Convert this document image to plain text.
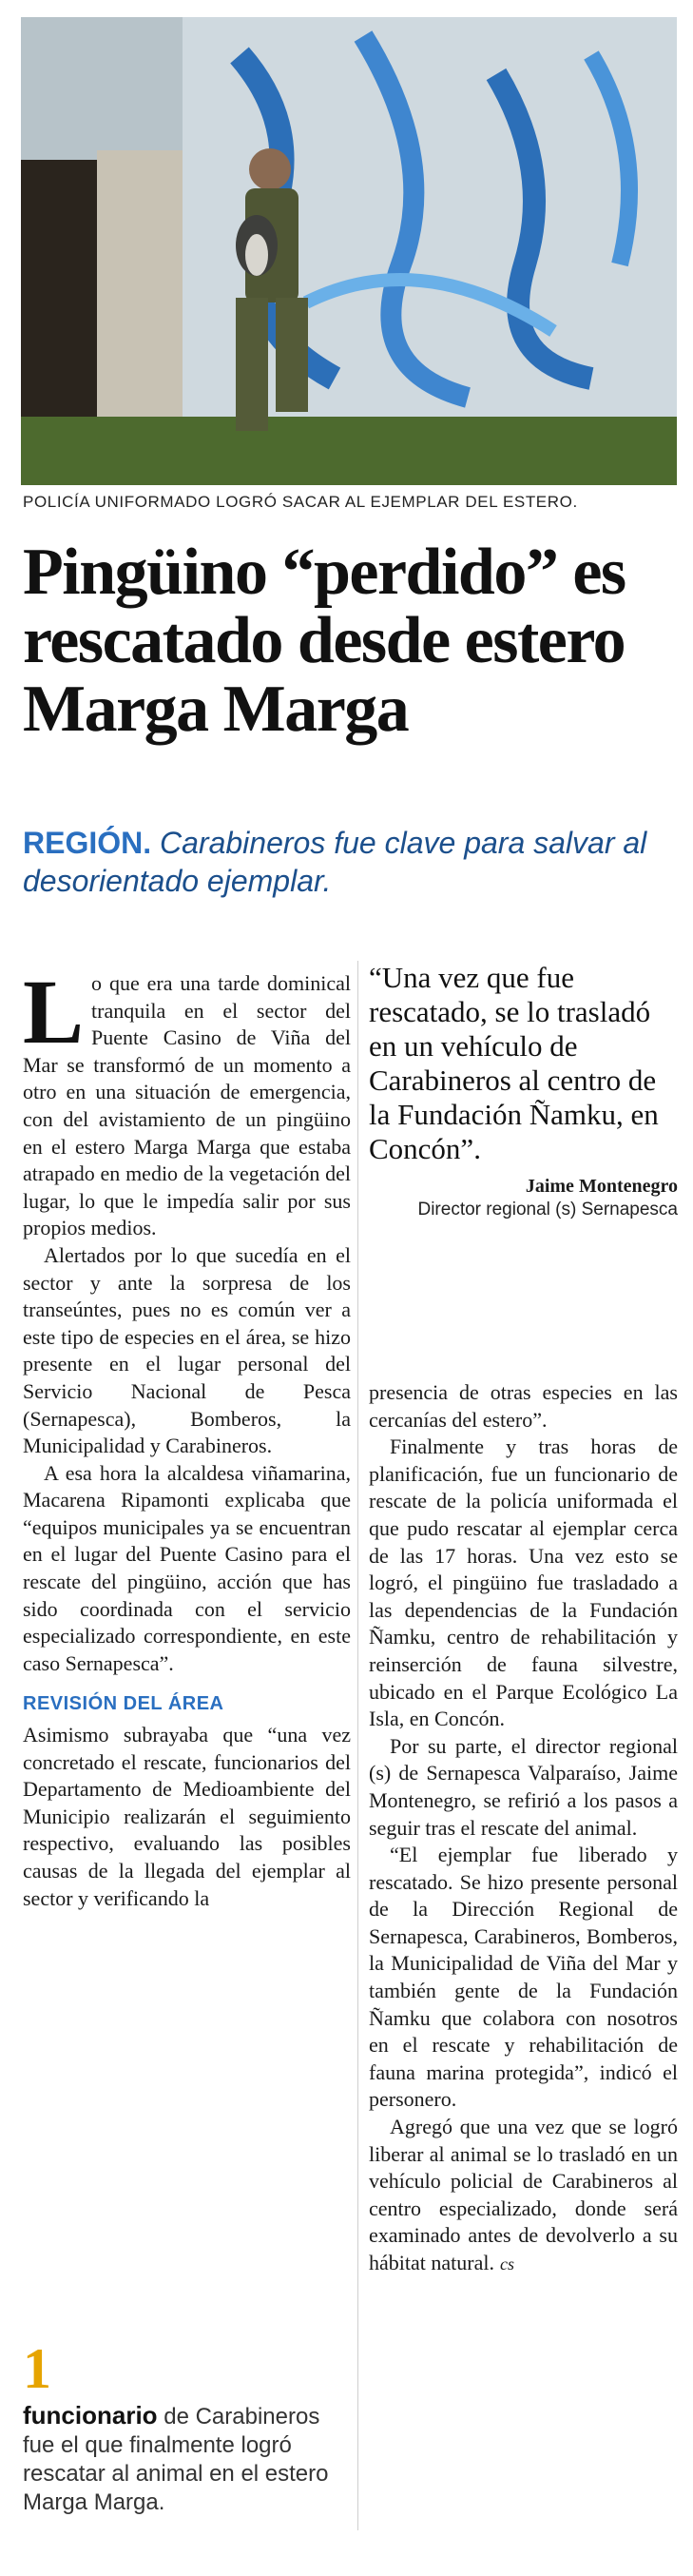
POLICÍA UNIFORMADO LOGRÓ SACAR AL EJEMPLAR DEL ESTERO.
Pingüino “perdido” es rescatado desde estero Marga Marga
REGIÓN. Carabineros fue clave para salvar al desorientado ejemplar.

Lo que era una tarde dominical tranquila en el sector del Puente Casino de Viña del Mar se transformó de un momento a otro en una situación de emergencia, con del avistamiento de un pingüino en el estero Marga Marga que estaba atrapado en medio de la vegetación del lugar, lo que le impedía salir por sus propios medios.

Alertados por lo que sucedía en el sector y ante la sorpresa de los transeúntes, pues no es común ver a este tipo de especies en el área, se hizo presente en el lugar personal del Servicio Nacional de Pesca (Sernapesca), Bomberos, la Municipalidad y Carabineros.

A esa hora la alcaldesa viñamarina, Macarena Ripamonti explicaba que “equipos municipales ya se encuentran en el lugar del Puente Casino para el rescate del pingüino, acción que has sido coordinada con el servicio especializado correspondiente, en este caso Sernapesca”.

REVISIÓN DEL ÁREA

Asimismo subrayaba que “una vez concretado el rescate, funcionarios del Departamento de Medioambiente del Municipio realizarán el seguimiento respectivo, evaluando las posibles causas de la llegada del ejemplar al sector y verificando la

“Una vez que fue rescatado, se lo trasladó en un vehículo de Carabineros al centro de la Fundación Ñamku, en Concón”.
Jaime Montenegro
Director regional (s) Sernapesca

presencia de otras especies en las cercanías del estero”.

Finalmente y tras horas de planificación, fue un funcionario de rescate de la policía uniformada el que pudo rescatar al ejemplar cerca de las 17 horas. Una vez esto se logró, el pingüino fue trasladado a las dependencias de la Fundación Ñamku, centro de rehabilitación y reinserción de fauna silvestre, ubicado en el Parque Ecológico La Isla, en Concón.

Por su parte, el director regional (s) de Sernapesca Valparaíso, Jaime Montenegro, se refirió a los pasos a seguir tras el rescate del animal.

“El ejemplar fue liberado y rescatado. Se hizo presente personal de la Dirección Regional de Sernapesca, Carabineros, Bomberos, la Municipalidad de Viña del Mar y también gente de la Fundación Ñamku que colabora con nosotros en el rescate y rehabilitación de fauna marina protegida”, indicó el personero.

Agregó que una vez que se logró liberar al animal se lo trasladó en un vehículo policial de Carabineros al centro especializado, donde será examinado antes de devolverlo a su hábitat natural. cs

1
funcionario de Carabineros fue el que finalmente logró rescatar al animal en el estero Marga Marga.
